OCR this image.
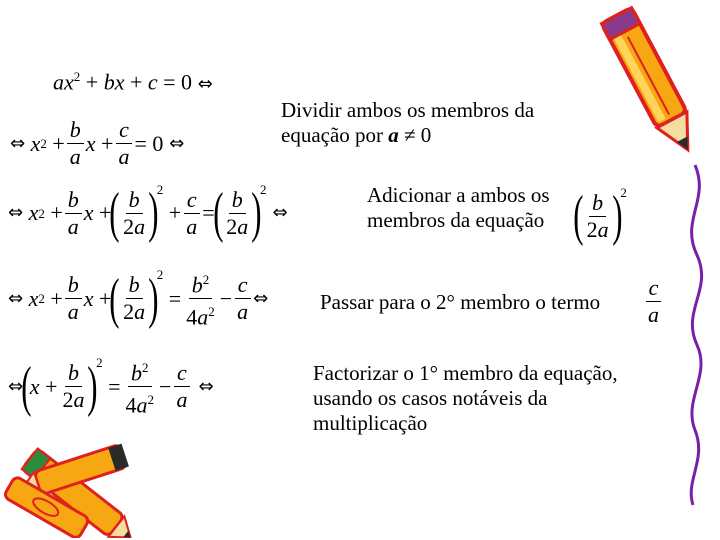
$ax^2$ + bx + c = 0 ⇔
⇔
x $2 + \frac{b}{a}$ $x + \frac{c}{a} = 0$ ⇔
Dividir ambos os membros da
equação por a ≠ 0
⇔
x $2 + \frac{b}{a}$ x +
( $\frac{b}{2a}$ )
2
+ $\frac{c}{a}$ =
( $\frac{b}{2a}$ )
2
⇔
Adicionar a ambos os
membros da equação ( $\frac{b}{2a}$ )
2
⇔
x $2 + \frac{b}{a}$ x +
( $\frac{b}{2a}$ )
2
= $\frac{b^2}{4a^2} - \frac{c}{a}$ ⇔ Passar para o 2° membro o termo $\frac{c}{a}$
⇔
(
$x + \frac{b}{2a}$ )
2
= $\frac{b^2}{4a^2} - \frac{c}{a}$ ⇔
Factorizar o 1° membro da equação,
usando os casos notáveis da
multiplicação
